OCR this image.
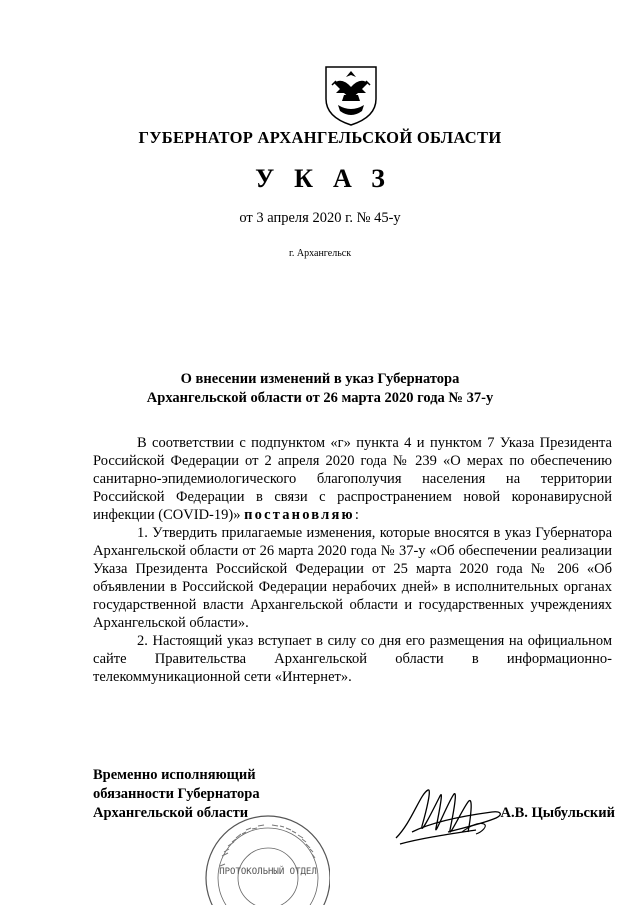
ГУБЕРНАТОР АРХАНГЕЛЬСКОЙ ОБЛАСТИ
УКАЗ
от 3 апреля 2020 г. № 45-у
г. Архангельск
О внесении изменений в указ Губернатора
Архангельской области от 26 марта 2020 года № 37-у

В соответствии с подпунктом «г» пункта 4 и пунктом 7 Указа Президента Российской Федерации от 2 апреля 2020 года № 239 «О мерах по обеспечению санитарно-эпидемиологического благополучия населения на территории Российской Федерации в связи с распространением новой коронавирусной инфекции (COVID-19)» постановляю:

1. Утвердить прилагаемые изменения, которые вносятся в указ Губернатора Архангельской области от 26 марта 2020 года № 37-у «Об обеспечении реализации Указа Президента Российской Федерации от 25 марта 2020 года № 206 «Об объявлении в Российской Федерации нерабочих дней» в исполнительных органах государственной власти Архангельской области и государственных учреждениях Архангельской области».

2. Настоящий указ вступает в силу со дня его размещения на официальном сайте Правительства Архангельской области в информационно-телекоммуникационной сети «Интернет».

Временно исполняющий
обязанности Губернатора
Архангельской области
ПРОТОКОЛЬНЫЙ ОТДЕЛ
А.В. Цыбульский
